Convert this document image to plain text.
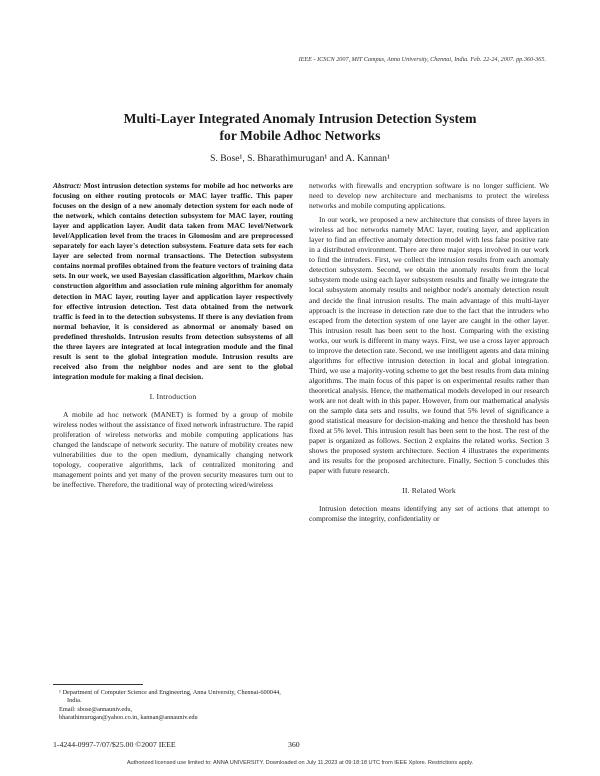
IEEE - ICSCN 2007, MIT Campus, Anna University, Chennai, India. Feb. 22-24, 2007. pp.360-365.
Multi-Layer Integrated Anomaly Intrusion Detection System
for Mobile Adhoc Networks
S. Bose¹, S. Bharathimurugan¹ and A. Kannan¹

Abstract: Most intrusion detection systems for mobile ad hoc networks are focusing on either routing protocols or MAC layer traffic. This paper focuses on the design of a new anomaly detection system for each node of the network, which contains detection subsystem for MAC layer, routing layer and application layer. Audit data taken from MAC level/Network level/Application level from the traces in Glomosim and are preprocessed separately for each layer's detection subsystem. Feature data sets for each layer are selected from normal transactions. The Detection subsystem contains normal profiles obtained from the feature vectors of training data sets. In our work, we used Bayesian classification algorithm, Markov chain construction algorithm and association rule mining algorithm for anomaly detection in MAC layer, routing layer and application layer respectively for effective intrusion detection. Test data obtained from the network traffic is feed in to the detection subsystems. If there is any deviation from normal behavior, it is considered as abnormal or anomaly based on predefined thresholds. Intrusion results from detection subsystems of all the three layers are integrated at local integration module and the final result is sent to the global integration module. Intrusion results are received also from the neighbor nodes and are sent to the global integration module for making a final decision.

I. Introduction

A mobile ad hoc network (MANET) is formed by a group of mobile wireless nodes without the assistance of fixed network infrastructure. The rapid proliferation of wireless networks and mobile computing applications has changed the landscape of network security. The nature of mobility creates new vulnerabilities due to the open medium, dynamically changing network topology, cooperative algorithms, lack of centralized monitoring and management points and yet many of the proven security measures turn out to be ineffective. Therefore, the traditional way of protecting wired/wireless

networks with firewalls and encryption software is no longer sufficient. We need to develop new architecture and mechanisms to protect the wireless networks and mobile computing applications.

In our work, we proposed a new architecture that consists of three layers in wireless ad hoc networks namely MAC layer, routing layer, and application layer to find an effective anomaly detection model with less false positive rate in a distributed environment. There are three major steps involved in our work to find the intruders. First, we collect the intrusion results from each anomaly detection subsystem. Second, we obtain the anomaly results from the local subsystem mode using each layer subsystem results and finally we integrate the local subsystem anomaly results and neighbor node's anomaly detection result and decide the final intrusion results. The main advantage of this multi-layer approach is the increase in detection rate due to the fact that the intruders who escaped from the detection system of one layer are caught in the other layer. This intrusion result has been sent to the host. Comparing with the existing works, our work is different in many ways. First, we use a cross layer approach to improve the detection rate. Second, we use intelligent agents and data mining algorithms for effective intrusion detection in local and global integration. Third, we use a majority-voting scheme to get the best results from data mining algorithms. The main focus of this paper is on experimental results rather than theoretical analysis. Hence, the mathematical models developed in our research work are not dealt with in this paper. However, from our mathematical analysis on the sample data sets and results, we found that 5% level of significance a good statistical measure for decision-making and hence the threshold has been fixed at 5% level. This intrusion result has been sent to the host. The rest of the paper is organized as follows. Section 2 explains the related works. Section 3 shows the proposed system architecture. Section 4 illustrates the experiments and its results for the proposed architecture. Finally, Section 5 concludes this paper with future research.

II. Related Work

Intrusion detection means identifying any set of actions that attempt to compromise the integrity, confidentiality or

¹ Department of Computer Science and Engineering, Anna University, Chennai-600044, India.
Email: sbose@annauniv.edu,
bharathimurugan@yahoo.co.in, kannan@annauniv.edu
1-4244-0997-7/07/$25.00 ©2007 IEEE	360
Authorized licensed use limited to: ANNA UNIVERSITY. Downloaded on July 11,2023 at 09:18:18 UTC from IEEE Xplore. Restrictions apply.
